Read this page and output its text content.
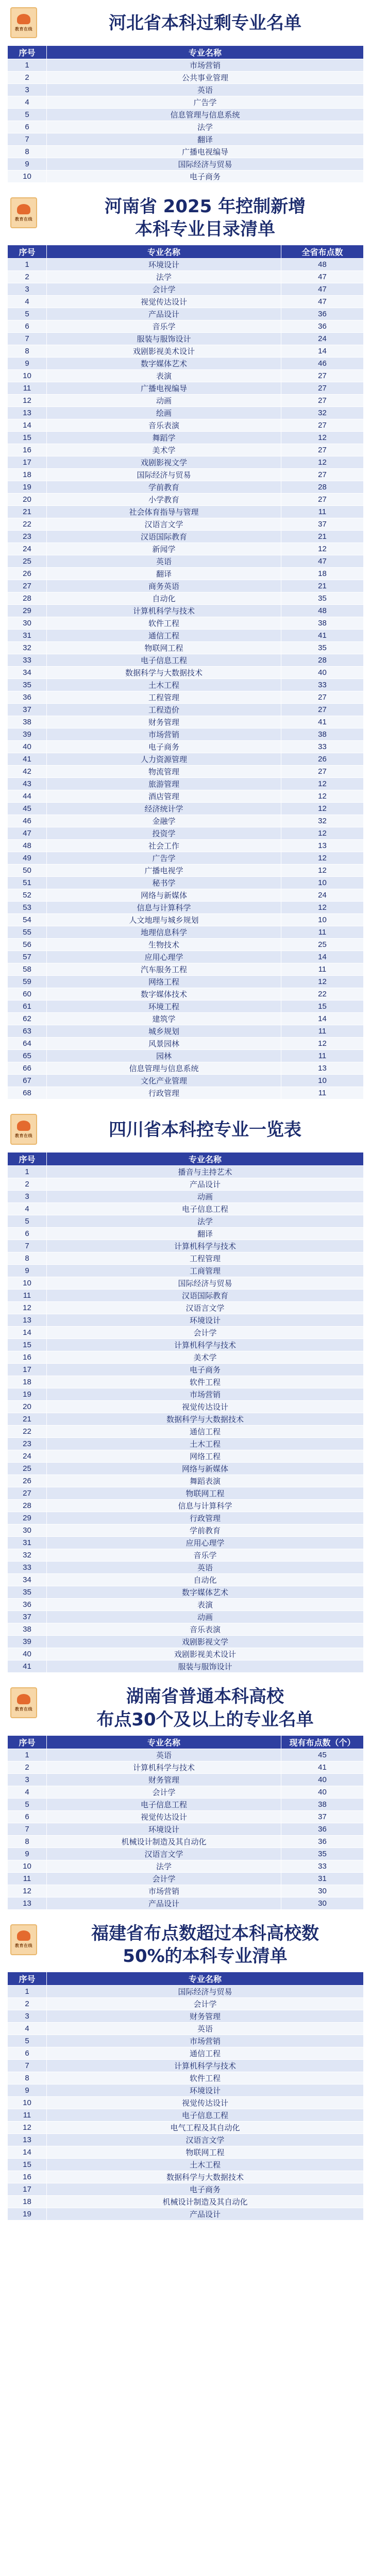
教育在线	河北省本科过剩专业名单
序号	专业名称
1	市场营销
2	公共事业管理
3	英语
4	广告学
5	信息管理与信息系统
6	法学
7	翻译
8	广播电视编导
9	国际经济与贸易
10	电子商务
教育在线
河南省 2025 年控制新增
本科专业目录清单
序号	专业名称	全省布点数
1	环境设计	48
2	法学	47
3	会计学	47
4	视觉传达设计	47
5	产品设计	36
6	音乐学	36
7	服装与服饰设计	24
8	戏剧影视美术设计	14
9	数字媒体艺术	46
10	表演	27
11	广播电视编导	27
12	动画	27
13	绘画	32
14	音乐表演	27
15	舞蹈学	12
16	美术学	27
17	戏剧影视文学	12
18	国际经济与贸易	27
19	学前教育	28
20	小学教育	27
21	社会体育指导与管理	11
22	汉语言文学	37
23	汉语国际教育	21
24	新闻学	12
25	英语	47
26	翻译	18
27	商务英语	21
28	自动化	35
29	计算机科学与技术	48
30	软件工程	38
31	通信工程	41
32	物联网工程	35
33	电子信息工程	28
34	数据科学与大数据技术	40
35	土木工程	33
36	工程管理	27
37	工程造价	27
38	财务管理	41
39	市场营销	38
40	电子商务	33
41	人力资源管理	26
42	物流管理	27
43	旅游管理	12
44	酒店管理	12
45	经济统计学	12
46	金融学	32
47	投资学	12
48	社会工作	13
49	广告学	12
50	广播电视学	12
51	秘书学	10
52	网络与新媒体	24
53	信息与计算科学	12
54	人文地理与城乡规划	10
55	地理信息科学	11
56	生物技术	25
57	应用心理学	14
58	汽车服务工程	11
59	网络工程	12
60	数字媒体技术	22
61	环境工程	15
62	建筑学	14
63	城乡规划	11
64	风景园林	12
65	园林	11
66	信息管理与信息系统	13
67	文化产业管理	10
68	行政管理	11
教育在线	四川省本科控专业一览表
序号	专业名称
1	播音与主持艺术
2	产品设计
3	动画
4	电子信息工程
5	法学
6	翻译
7	计算机科学与技术
8	工程管理
9	工商管理
10	国际经济与贸易
11	汉语国际教育
12	汉语言文学
13	环境设计
14	会计学
15	计算机科学与技术
16	美术学
17	电子商务
18	软件工程
19	市场营销
20	视觉传达设计
21	数据科学与大数据技术
22	通信工程
23	土木工程
24	网络工程
25	网络与新媒体
26	舞蹈表演
27	物联网工程
28	信息与计算科学
29	行政管理
30	学前教育
31	应用心理学
32	音乐学
33	英语
34	自动化
35	数字媒体艺术
36	表演
37	动画
38	音乐表演
39	戏剧影视文学
40	戏剧影视美术设计
41	服装与服饰设计
教育在线
湖南省普通本科高校
布点30个及以上的专业名单
序号	专业名称	现有布点数（个）
1	英语	45
2	计算机科学与技术	41
3	财务管理	40
4	会计学	40
5	电子信息工程	38
6	视觉传达设计	37
7	环境设计	36
8	机械设计制造及其自动化	36
9	汉语言文学	35
10	法学	33
11	会计学	31
12	市场营销	30
13	产品设计	30
教育在线
福建省布点数超过本科高校数
50%的本科专业清单
序号	专业名称
1	国际经济与贸易
2	会计学
3	财务管理
4	英语
5	市场营销
6	通信工程
7	计算机科学与技术
8	软件工程
9	环境设计
10	视觉传达设计
11	电子信息工程
12	电气工程及其自动化
13	汉语言文学
14	物联网工程
15	土木工程
16	数据科学与大数据技术
17	电子商务
18	机械设计制造及其自动化
19	产品设计
